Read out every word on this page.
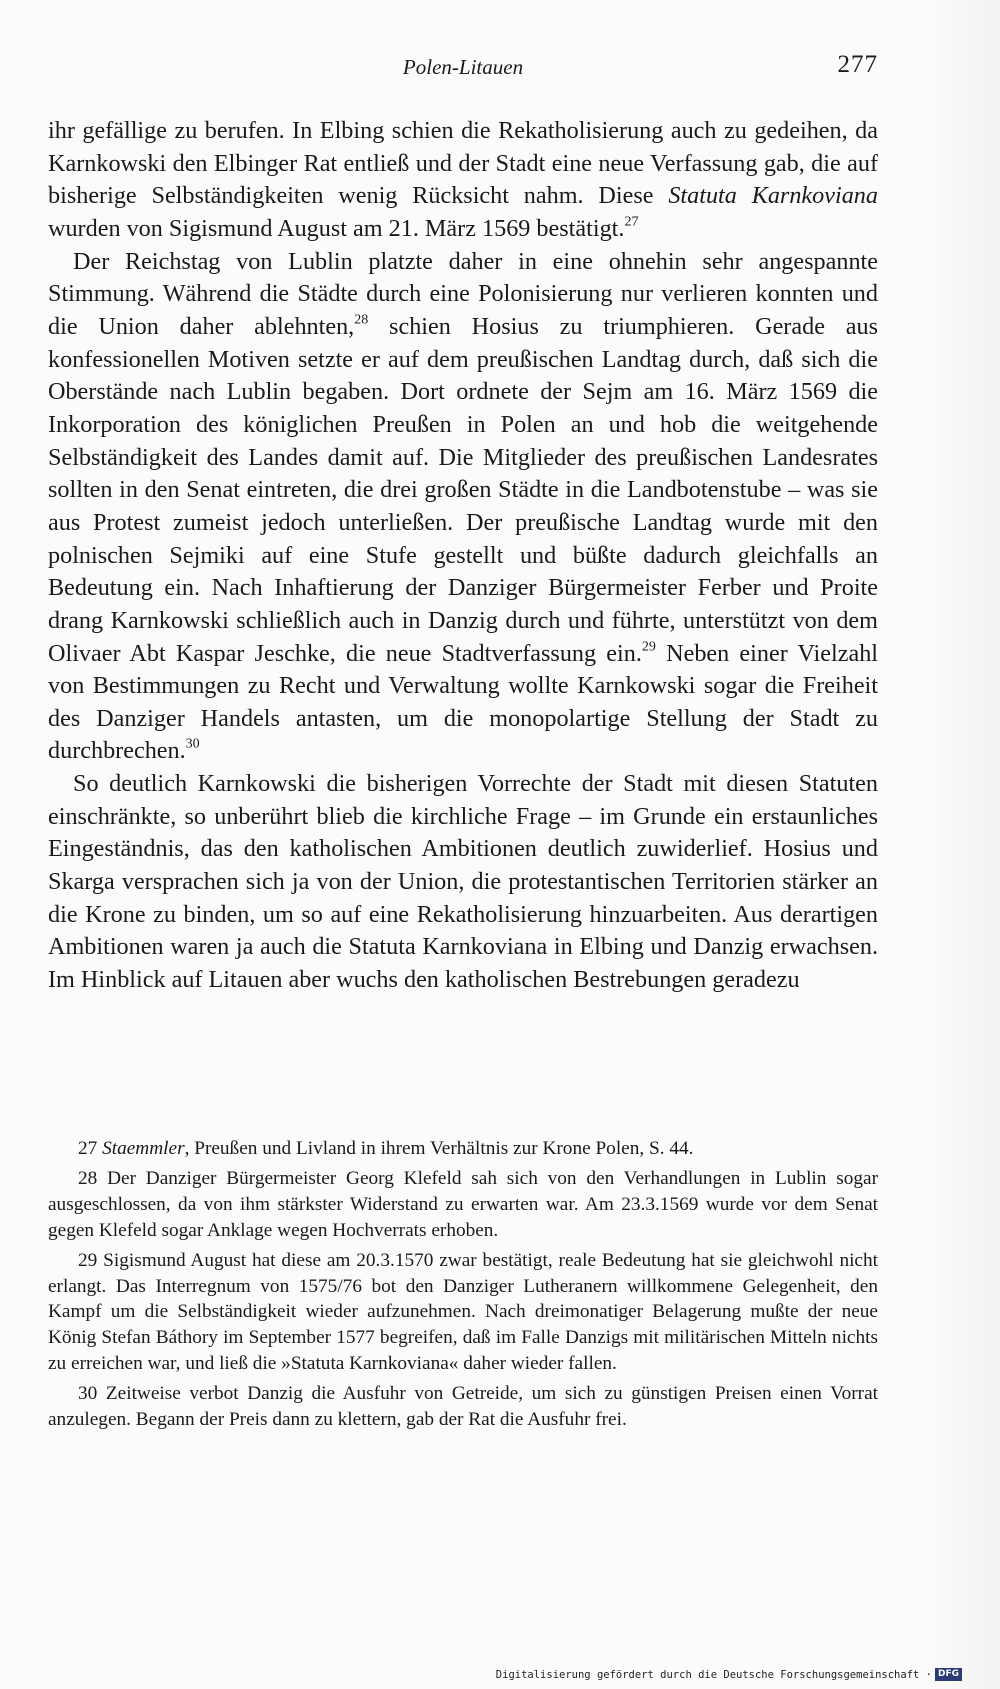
Polen-Litauen	277

ihr gefällige zu berufen. In Elbing schien die Rekatholisierung auch zu gedeihen, da Karnkowski den Elbinger Rat entließ und der Stadt eine neue Verfassung gab, die auf bisherige Selbständigkeiten wenig Rücksicht nahm. Diese Statuta Karnkoviana wurden von Sigismund August am 21. März 1569 bestätigt.$^{27}$

Der Reichstag von Lublin platzte daher in eine ohnehin sehr angespannte Stimmung. Während die Städte durch eine Polonisierung nur verlieren konnten und die Union daher ablehnten,$^{28}$ schien Hosius zu triumphieren. Gerade aus konfessionellen Motiven setzte er auf dem preußischen Landtag durch, daß sich die Oberstände nach Lublin begaben. Dort ordnete der Sejm am 16. März 1569 die Inkorporation des königlichen Preußen in Polen an und hob die weitgehende Selbständigkeit des Landes damit auf. Die Mitglieder des preußischen Landesrates sollten in den Senat eintreten, die drei großen Städte in die Landbotenstube – was sie aus Protest zumeist jedoch unterließen. Der preußische Landtag wurde mit den polnischen Sejmiki auf eine Stufe gestellt und büßte dadurch gleichfalls an Bedeutung ein. Nach Inhaftierung der Danziger Bürgermeister Ferber und Proite drang Karnkowski schließlich auch in Danzig durch und führte, unterstützt von dem Olivaer Abt Kaspar Jeschke, die neue Stadtverfassung ein.$^{29}$ Neben einer Vielzahl von Bestimmungen zu Recht und Verwaltung wollte Karnkowski sogar die Freiheit des Danziger Handels antasten, um die monopolartige Stellung der Stadt zu durchbrechen.$^{30}$

So deutlich Karnkowski die bisherigen Vorrechte der Stadt mit diesen Statuten einschränkte, so unberührt blieb die kirchliche Frage – im Grunde ein erstaunliches Eingeständnis, das den katholischen Ambitionen deutlich zuwiderlief. Hosius und Skarga versprachen sich ja von der Union, die protestantischen Territorien stärker an die Krone zu binden, um so auf eine Rekatholisierung hinzuarbeiten. Aus derartigen Ambitionen waren ja auch die Statuta Karnkoviana in Elbing und Danzig erwachsen. Im Hinblick auf Litauen aber wuchs den katholischen Bestrebungen geradezu

27 Staemmler, Preußen und Livland in ihrem Verhältnis zur Krone Polen, S. 44.

28 Der Danziger Bürgermeister Georg Klefeld sah sich von den Verhandlungen in Lublin sogar ausgeschlossen, da von ihm stärkster Widerstand zu erwarten war. Am 23.3.1569 wurde vor dem Senat gegen Klefeld sogar Anklage wegen Hochverrats erhoben.

29 Sigismund August hat diese am 20.3.1570 zwar bestätigt, reale Bedeutung hat sie gleichwohl nicht erlangt. Das Interregnum von 1575/76 bot den Danziger Lutheranern willkommene Gelegenheit, den Kampf um die Selbständigkeit wieder aufzunehmen. Nach dreimonatiger Belagerung mußte der neue König Stefan Báthory im September 1577 begreifen, daß im Falle Danzigs mit militärischen Mitteln nichts zu erreichen war, und ließ die »Statuta Karnkoviana« daher wieder fallen.

30 Zeitweise verbot Danzig die Ausfuhr von Getreide, um sich zu günstigen Preisen einen Vorrat anzulegen. Begann der Preis dann zu klettern, gab der Rat die Ausfuhr frei.

Digitalisierung gefördert durch die Deutsche Forschungsgemeinschaft · DFG
